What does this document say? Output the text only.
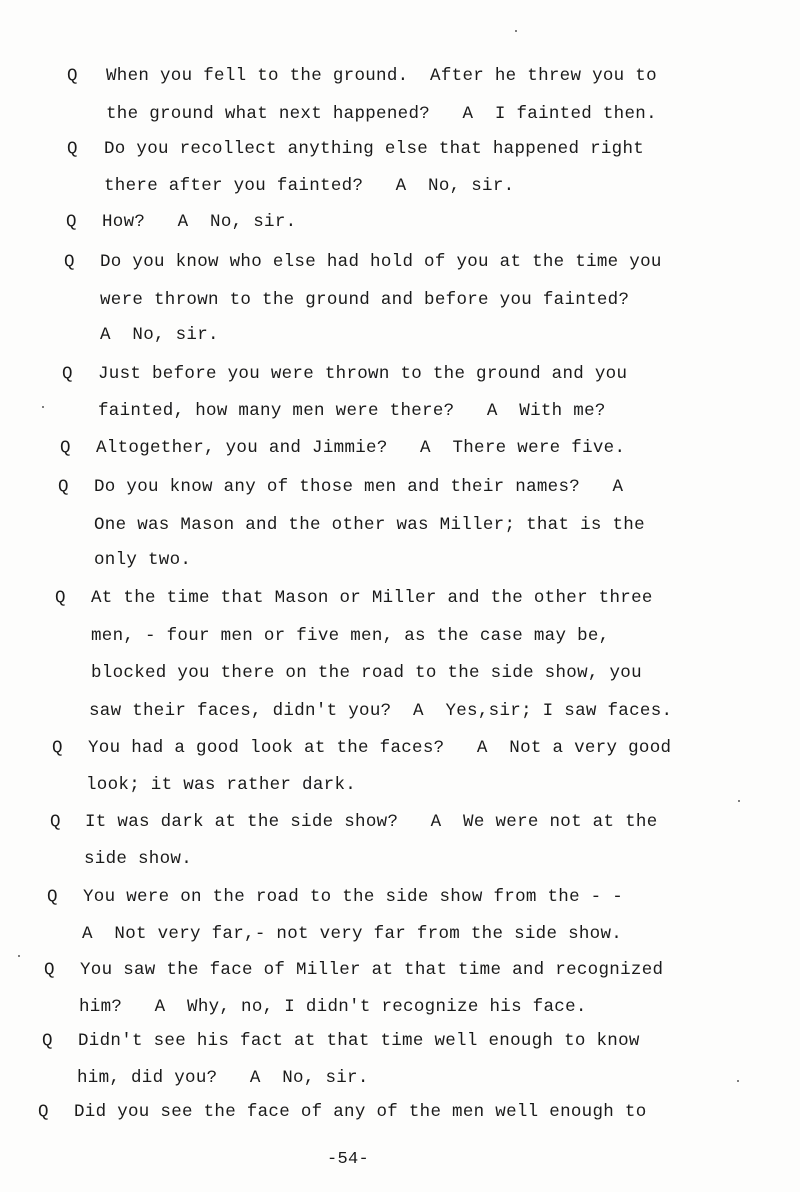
Q	When you fell to the ground.  After he threw you to
the ground what next happened?   A  I fainted then.
Q	Do you recollect anything else that happened right
there after you fainted?   A  No, sir.
Q	How?   A  No, sir.
Q	Do you know who else had hold of you at the time you
were thrown to the ground and before you fainted?
A  No, sir.
Q	Just before you were thrown to the ground and you
fainted, how many men were there?   A  With me?
Q	Altogether, you and Jimmie?   A  There were five.
Q	Do you know any of those men and their names?   A
One was Mason and the other was Miller; that is the
only two.
Q	At the time that Mason or Miller and the other three
men, - four men or five men, as the case may be,
blocked you there on the road to the side show, you
saw their faces, didn't you?  A  Yes,sir; I saw faces.
Q	You had a good look at the faces?   A  Not a very good
look; it was rather dark.
Q	It was dark at the side show?   A  We were not at the
side show.
Q	You were on the road to the side show from the - -
A  Not very far,- not very far from the side show.
Q	You saw the face of Miller at that time and recognized
him?   A  Why, no, I didn't recognize his face.
Q	Didn't see his fact at that time well enough to know
him, did you?   A  No, sir.
Q	Did you see the face of any of the men well enough to
-54-
